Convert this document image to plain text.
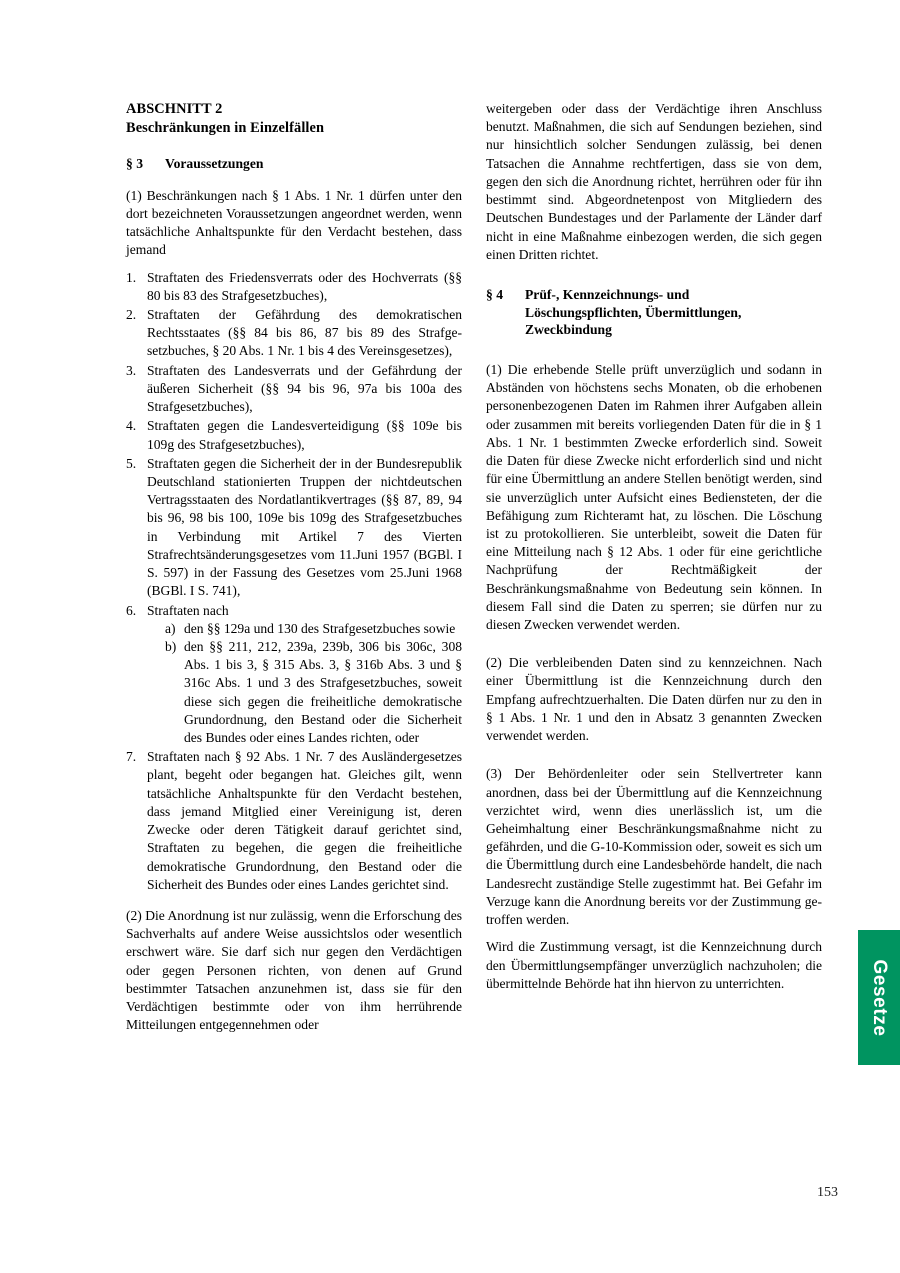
ABSCHNITT 2
Beschränkungen in Einzelfällen
§ 3	Voraussetzungen

(1) Beschränkungen nach § 1 Abs. 1 Nr. 1 dürfen unter den dort bezeichneten Voraussetzungen angeordnet werden, wenn tatsächliche Anhaltspunkte für den Verdacht bestehen, dass jemand

1. Straftaten des Friedensverrats oder des Hochverrats (§§ 80 bis 83 des Strafgesetzbuches),
2. Straftaten der Gefährdung des demokratischen Rechtsstaates (§§ 84 bis 86, 87 bis 89 des Strafgesetzbuches, § 20 Abs. 1 Nr. 1 bis 4 des Vereinsgesetzes),
3. Straftaten des Landesverrats und der Gefährdung der äußeren Sicherheit (§§ 94 bis 96, 97a bis 100a des Strafgesetzbuches),
4. Straftaten gegen die Landesverteidigung (§§ 109e bis 109g des Strafgesetzbuches),
5. Straftaten gegen die Sicherheit der in der Bundesrepublik Deutschland stationierten Truppen der nichtdeutschen Vertragsstaaten des Nordatlantikvertrages (§§ 87, 89, 94 bis 96, 98 bis 100, 109e bis 109g des Strafgesetzbuches in Verbindung mit Artikel 7 des Vierten Strafrechtsänderungsgesetzes vom 11.Juni 1957 (BGBl. I S. 597) in der Fassung des Gesetzes vom 25.Juni 1968 (BGBl. I S. 741),
6. Straftaten nach
a) den §§ 129a und 130 des Strafgesetzbuches sowie
b) den §§ 211, 212, 239a, 239b, 306 bis 306c, 308 Abs. 1 bis 3, § 315 Abs. 3, § 316b Abs. 3 und § 316c Abs. 1 und 3 des Strafgesetzbuches, soweit diese sich gegen die freiheitliche demokratische Grundordnung, den Bestand oder die Sicherheit des Bundes oder eines Landes richten, oder
7. Straftaten nach § 92 Abs. 1 Nr. 7 des Ausländergesetzes plant, begeht oder begangen hat. Gleiches gilt, wenn tatsächliche Anhaltspunkte für den Verdacht bestehen, dass jemand Mitglied einer Vereinigung ist, deren Zwecke oder deren Tätigkeit darauf gerichtet sind, Straftaten zu begehen, die gegen die freiheitliche demokratische Grundordnung, den Bestand oder die Sicherheit des Bundes oder eines Landes gerichtet sind.

(2) Die Anordnung ist nur zulässig, wenn die Erforschung des Sachverhalts auf andere Weise aussichtslos oder wesentlich erschwert wäre. Sie darf sich nur gegen den Verdächtigen oder gegen Personen richten, von denen auf Grund bestimmter Tatsachen anzunehmen ist, dass sie für den Verdächtigen bestimmte oder von ihm herrührende Mitteilungen entgegennehmen oder

weitergeben oder dass der Verdächtige ihren Anschluss benutzt. Maßnahmen, die sich auf Sendungen beziehen, sind nur hinsichtlich solcher Sendungen zulässig, bei denen Tatsachen die Annahme rechtfertigen, dass sie von dem, gegen den sich die Anordnung richtet, herrühren oder für ihn bestimmt sind. Abgeordnetenpost von Mitgliedern des Deutschen Bundestages und der Parlamente der Länder darf nicht in eine Maßnahme einbezogen werden, die sich gegen einen Dritten richtet.

§ 4	Prüf-, Kennzeichnungs- und
Löschungspflichten, Übermittlungen,
Zweckbindung

(1) Die erhebende Stelle prüft unverzüglich und sodann in Abständen von höchstens sechs Monaten, ob die erhobenen personenbezogenen Daten im Rahmen ihrer Aufgaben allein oder zusammen mit bereits vorliegenden Daten für die in § 1 Abs. 1 Nr. 1 bestimmten Zwecke erforderlich sind. Soweit die Daten für diese Zwecke nicht erforderlich sind und nicht für eine Übermittlung an andere Stellen benötigt werden, sind sie unverzüglich unter Aufsicht eines Bediensteten, der die Befähigung zum Richteramt hat, zu löschen. Die Löschung ist zu protokollieren. Sie unterbleibt, soweit die Daten für eine Mitteilung nach § 12 Abs. 1 oder für eine gerichtliche Nachprüfung der Rechtmäßigkeit der Beschränkungsmaßnahme von Bedeutung sein können. In diesem Fall sind die Daten zu sperren; sie dürfen nur zu diesen Zwecken verwendet werden.

(2) Die verbleibenden Daten sind zu kennzeichnen. Nach einer Übermittlung ist die Kennzeichnung durch den Empfang aufrechtzuerhalten. Die Daten dürfen nur zu den in § 1 Abs. 1 Nr. 1 und den in Absatz 3 genannten Zwecken verwendet werden.

(3) Der Behördenleiter oder sein Stellvertreter kann anordnen, dass bei der Übermittlung auf die Kennzeichnung verzichtet wird, wenn dies unerlässlich ist, um die Geheimhaltung einer Beschränkungsmaßnahme nicht zu gefährden, und die G-10-Kommission oder, soweit es sich um die Übermittlung durch eine Landesbehörde handelt, die nach Landesrecht zuständige Stelle zugestimmt hat. Bei Gefahr im Verzuge kann die Anordnung bereits vor der Zustimmung getroffen werden.

Wird die Zustimmung versagt, ist die Kennzeichnung durch den Übermittlungsempfänger unverzüglich nachzuholen; die übermittelnde Behörde hat ihn hiervon zu unterrichten.	Gesetze
153
